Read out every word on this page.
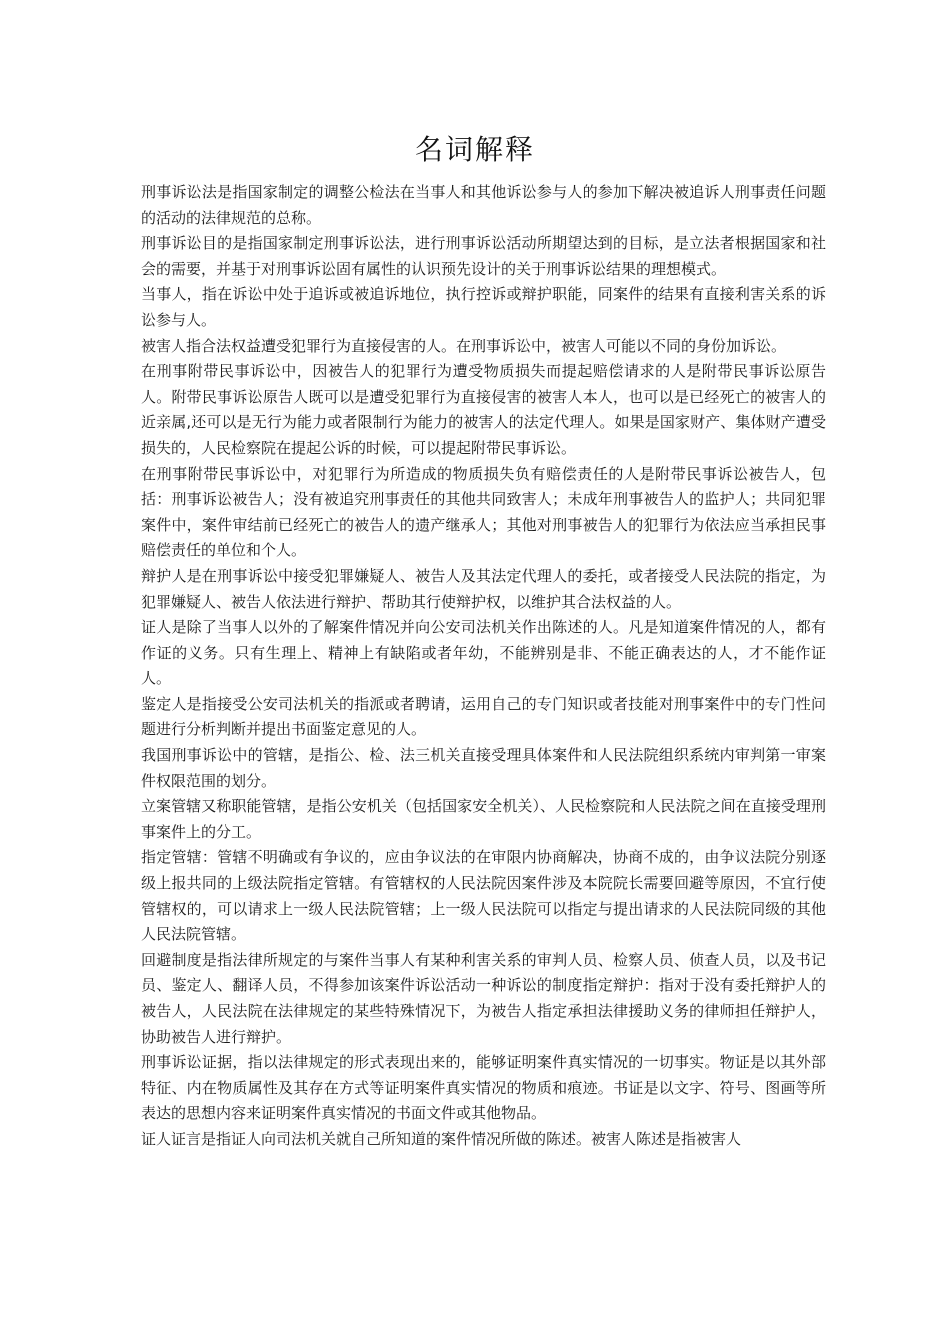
名词解释

刑事诉讼法是指国家制定的调整公检法在当事人和其他诉讼参与人的参加下解决被追诉人刑事责任问题的活动的法律规范的总称。

刑事诉讼目的是指国家制定刑事诉讼法，进行刑事诉讼活动所期望达到的目标，是立法者根据国家和社会的需要，并基于对刑事诉讼固有属性的认识预先设计的关于刑事诉讼结果的理想模式。

当事人，指在诉讼中处于追诉或被追诉地位，执行控诉或辩护职能，同案件的结果有直接利害关系的诉讼参与人。

被害人指合法权益遭受犯罪行为直接侵害的人。在刑事诉讼中，被害人可能以不同的身份加诉讼。

在刑事附带民事诉讼中，因被告人的犯罪行为遭受物质损失而提起赔偿请求的人是附带民事诉讼原告人。附带民事诉讼原告人既可以是遭受犯罪行为直接侵害的被害人本人，也可以是已经死亡的被害人的近亲属,还可以是无行为能力或者限制行为能力的被害人的法定代理人。如果是国家财产、集体财产遭受损失的，人民检察院在提起公诉的时候，可以提起附带民事诉讼。

在刑事附带民事诉讼中，对犯罪行为所造成的物质损失负有赔偿责任的人是附带民事诉讼被告人，包括：刑事诉讼被告人；没有被追究刑事责任的其他共同致害人；未成年刑事被告人的监护人；共同犯罪案件中，案件审结前已经死亡的被告人的遗产继承人；其他对刑事被告人的犯罪行为依法应当承担民事赔偿责任的单位和个人。

辩护人是在刑事诉讼中接受犯罪嫌疑人、被告人及其法定代理人的委托，或者接受人民法院的指定，为犯罪嫌疑人、被告人依法进行辩护、帮助其行使辩护权，以维护其合法权益的人。

证人是除了当事人以外的了解案件情况并向公安司法机关作出陈述的人。凡是知道案件情况的人，都有作证的义务。只有生理上、精神上有缺陷或者年幼，不能辨别是非、不能正确表达的人，才不能作证人。

鉴定人是指接受公安司法机关的指派或者聘请，运用自己的专门知识或者技能对刑事案件中的专门性问题进行分析判断并提出书面鉴定意见的人。

我国刑事诉讼中的管辖，是指公、检、法三机关直接受理具体案件和人民法院组织系统内审判第一审案件权限范围的划分。

立案管辖又称职能管辖，是指公安机关（包括国家安全机关）、人民检察院和人民法院之间在直接受理刑事案件上的分工。

指定管辖：管辖不明确或有争议的，应由争议法的在审限内协商解决，协商不成的，由争议法院分别逐级上报共同的上级法院指定管辖。有管辖权的人民法院因案件涉及本院院长需要回避等原因，不宜行使管辖权的，可以请求上一级人民法院管辖；上一级人民法院可以指定与提出请求的人民法院同级的其他人民法院管辖。

回避制度是指法律所规定的与案件当事人有某种利害关系的审判人员、检察人员、侦查人员，以及书记员、鉴定人、翻译人员，不得参加该案件诉讼活动一种诉讼的制度指定辩护：指对于没有委托辩护人的被告人，人民法院在法律规定的某些特殊情况下，为被告人指定承担法律援助义务的律师担任辩护人，协助被告人进行辩护。

刑事诉讼证据，指以法律规定的形式表现出来的，能够证明案件真实情况的一切事实。物证是以其外部特征、内在物质属性及其存在方式等证明案件真实情况的物质和痕迹。书证是以文字、符号、图画等所表达的思想内容来证明案件真实情况的书面文件或其他物品。

证人证言是指证人向司法机关就自己所知道的案件情况所做的陈述。被害人陈述是指被害人
